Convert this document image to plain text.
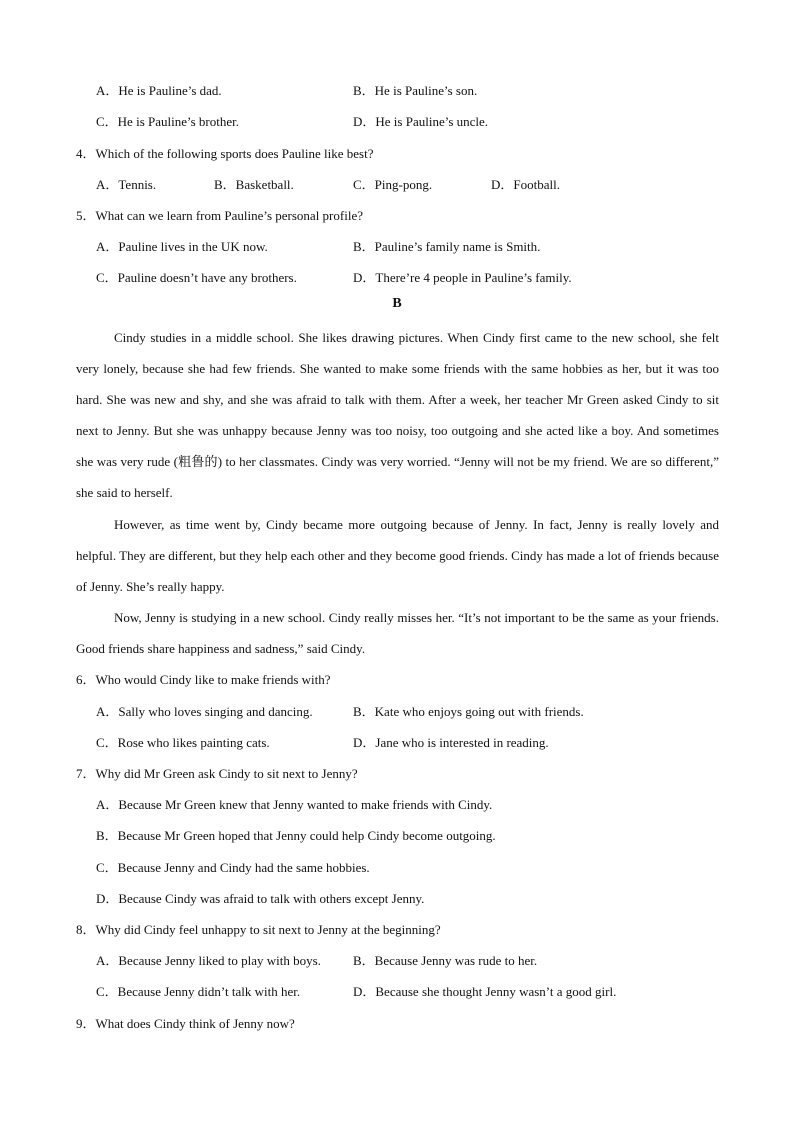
A．He is Pauline’s dad.	B．He is Pauline’s son.
C．He is Pauline’s brother.	D．He is Pauline’s uncle.
4．Which of the following sports does Pauline like best?
A．Tennis.	B．Basketball.	C．Ping-pong.	D．Football.
5．What can we learn from Pauline’s personal profile?
A．Pauline lives in the UK now.	B．Pauline’s family name is Smith.
C．Pauline doesn’t have any brothers.	D．There’re 4 people in Pauline’s family.
B

Cindy studies in a middle school. She likes drawing pictures. When Cindy first came to the new school, she felt very lonely, because she had few friends. She wanted to make some friends with the same hobbies as her, but it was too hard. She was new and shy, and she was afraid to talk with them. After a week, her teacher Mr Green asked Cindy to sit next to Jenny. But she was unhappy because Jenny was too noisy, too outgoing and she acted like a boy. And sometimes she was very rude (粗鲁的) to her classmates. Cindy was very worried. “Jenny will not be my friend. We are so different,” she said to herself.

However, as time went by, Cindy became more outgoing because of Jenny. In fact, Jenny is really lovely and helpful. They are different, but they help each other and they become good friends. Cindy has made a lot of friends because of Jenny. She’s really happy.

Now, Jenny is studying in a new school. Cindy really misses her. “It’s not important to be the same as your friends. Good friends share happiness and sadness,” said Cindy.

6．Who would Cindy like to make friends with?
A．Sally who loves singing and dancing.	B．Kate who enjoys going out with friends.
C．Rose who likes painting cats.	D．Jane who is interested in reading.
7．Why did Mr Green ask Cindy to sit next to Jenny?
A．Because Mr Green knew that Jenny wanted to make friends with Cindy.
B．Because Mr Green hoped that Jenny could help Cindy become outgoing.
C．Because Jenny and Cindy had the same hobbies.
D．Because Cindy was afraid to talk with others except Jenny.
8．Why did Cindy feel unhappy to sit next to Jenny at the beginning?
A．Because Jenny liked to play with boys. B．Because Jenny was rude to her.
C．Because Jenny didn’t talk with her.	D．Because she thought Jenny wasn’t a good girl.
9．What does Cindy think of Jenny now?
